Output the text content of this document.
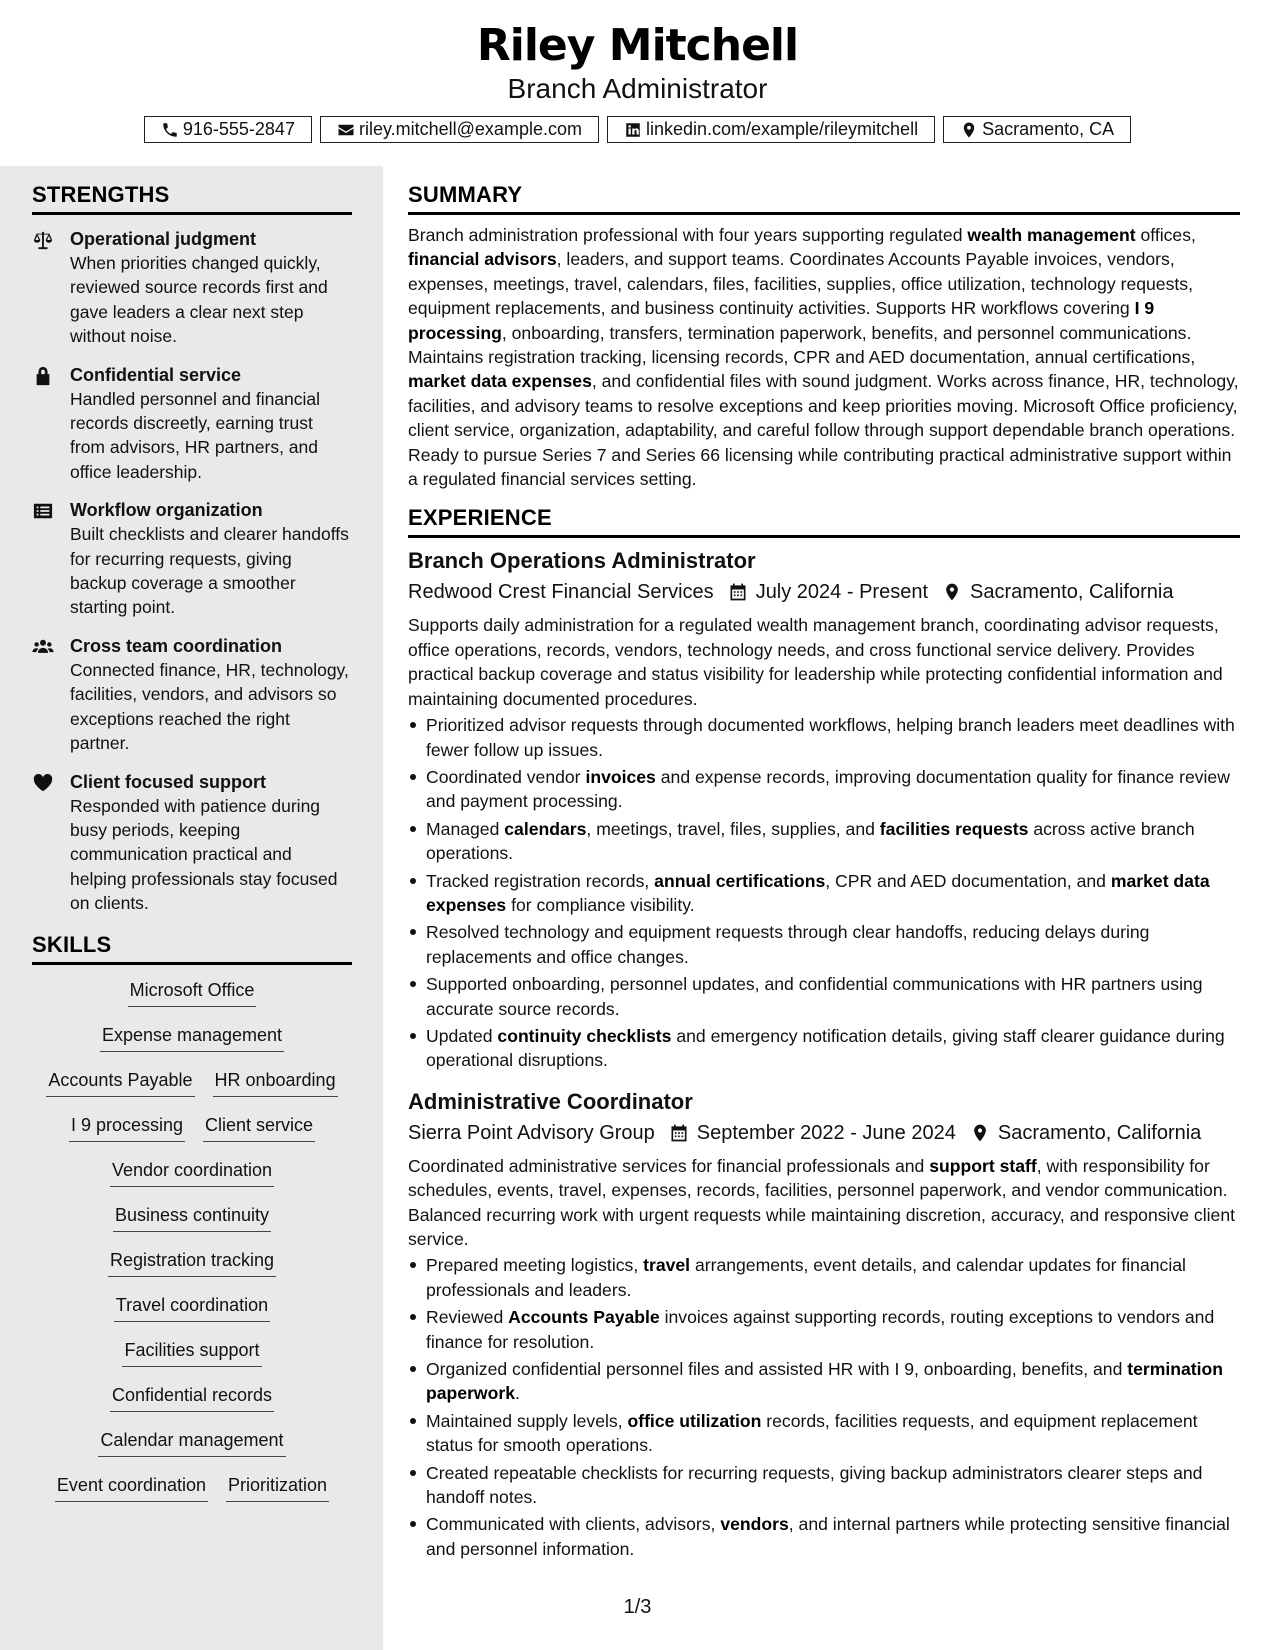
Riley Mitchell
Branch Administrator
916-555-2847	riley.mitchell@example.com	linkedin.com/example/rileymitchell	Sacramento, CA
STRENGTHS
Operational judgment
When priorities changed quickly, reviewed source records first and gave leaders a clear next step without noise.
Confidential service
Handled personnel and financial records discreetly, earning trust from advisors, HR partners, and office leadership.
Workflow organization
Built checklists and clearer handoffs for recurring requests, giving backup coverage a smoother starting point.
Cross team coordination
Connected finance, HR, technology, facilities, vendors, and advisors so exceptions reached the right partner.
Client focused support
Responded with patience during busy periods, keeping communication practical and helping professionals stay focused on clients.
SKILLS
Microsoft Office
Expense management
Accounts Payable HR onboarding
I 9 processing Client service
Vendor coordination
Business continuity
Registration tracking
Travel coordination
Facilities support
Confidential records
Calendar management
Event coordination Prioritization
SUMMARY
Branch administration professional with four years supporting regulated wealth management offices, financial advisors, leaders, and support teams. Coordinates Accounts Payable invoices, vendors, expenses, meetings, travel, calendars, files, facilities, supplies, office utilization, technology requests, equipment replacements, and business continuity activities. Supports HR workflows covering I 9 processing, onboarding, transfers, termination paperwork, benefits, and personnel communications. Maintains registration tracking, licensing records, CPR and AED documentation, annual certifications, market data expenses, and confidential files with sound judgment. Works across finance, HR, technology, facilities, and advisory teams to resolve exceptions and keep priorities moving. Microsoft Office proficiency, client service, organization, adaptability, and careful follow through support dependable branch operations. Ready to pursue Series 7 and Series 66 licensing while contributing practical administrative support within a regulated financial services setting.
EXPERIENCE
Branch Operations Administrator
Redwood Crest Financial Services July 2024 - Present Sacramento, California
Supports daily administration for a regulated wealth management branch, coordinating advisor requests, office operations, records, vendors, technology needs, and cross functional service delivery. Provides practical backup coverage and status visibility for leadership while protecting confidential information and maintaining documented procedures.
Prioritized advisor requests through documented workflows, helping branch leaders meet deadlines with fewer follow up issues.
Coordinated vendor invoices and expense records, improving documentation quality for finance review and payment processing.
Managed calendars, meetings, travel, files, supplies, and facilities requests across active branch operations.
Tracked registration records, annual certifications, CPR and AED documentation, and market data expenses for compliance visibility.
Resolved technology and equipment requests through clear handoffs, reducing delays during replacements and office changes.
Supported onboarding, personnel updates, and confidential communications with HR partners using accurate source records.
Updated continuity checklists and emergency notification details, giving staff clearer guidance during operational disruptions.
Administrative Coordinator
Sierra Point Advisory Group September 2022 - June 2024 Sacramento, California
Coordinated administrative services for financial professionals and support staff, with responsibility for schedules, events, travel, expenses, records, facilities, personnel paperwork, and vendor communication. Balanced recurring work with urgent requests while maintaining discretion, accuracy, and responsive client service.
Prepared meeting logistics, travel arrangements, event details, and calendar updates for financial professionals and leaders.
Reviewed Accounts Payable invoices against supporting records, routing exceptions to vendors and finance for resolution.
Organized confidential personnel files and assisted HR with I 9, onboarding, benefits, and termination paperwork.
Maintained supply levels, office utilization records, facilities requests, and equipment replacement status for smooth operations.
Created repeatable checklists for recurring requests, giving backup administrators clearer steps and handoff notes.
Communicated with clients, advisors, vendors, and internal partners while protecting sensitive financial and personnel information.
1/3
